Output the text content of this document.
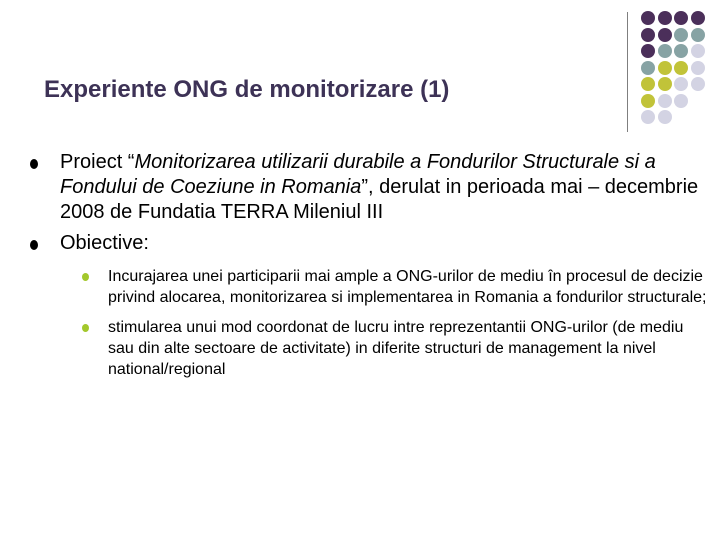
Experiente ONG de monitorizare (1)
Proiect “Monitorizarea utilizarii durabile a Fondurilor Structurale si a Fondului de Coeziune in Romania”, derulat in perioada mai – decembrie 2008 de Fundatia TERRA Mileniul III
Obiective:
Incurajarea unei participarii mai ample a ONG-urilor de mediu în procesul de decizie privind alocarea, monitorizarea si implementarea in Romania a fondurilor structurale;
stimularea unui mod coordonat de lucru intre reprezentantii ONG-urilor (de mediu sau din alte sectoare de activitate) in diferite structuri de management la nivel national/regional
